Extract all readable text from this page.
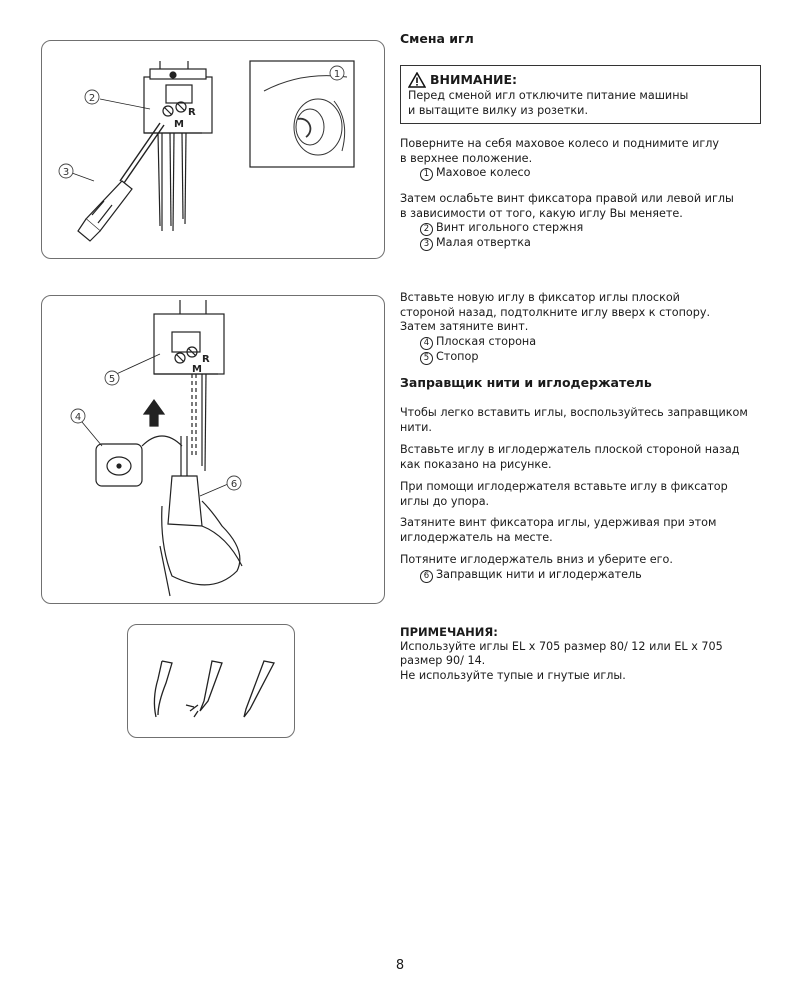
2
3
R
M
1
5
4
6
R
M

Смена игл

ВНИМАНИЕ:

Перед сменой игл отключите питание машины

и вытащите вилку из розетки.

Поверните на себя маховое колесо и поднимите иглу

в верхнее положение.

1 Маховое колесо

Затем ослабьте винт фиксатора правой или левой иглы

в зависимости от того, какую иглу Вы меняете.

2 Винт игольного стержня

3 Малая отвертка

Вставьте новую иглу в фиксатор иглы плоской

стороной назад, подтолкните иглу вверх к стопору.

Затем затяните винт.

4 Плоская сторона

5 Стопор

Заправщик нити и иглодержатель

Чтобы легко вставить иглы, воспользуйтесь заправщиком

нити.

Вставьте иглу в иглодержатель плоской стороной назад

как показано на рисунке.

При помощи иглодержателя вставьте иглу в фиксатор

иглы до упора.

Затяните винт фиксатора иглы, удерживая при этом

иглодержатель на месте.

Потяните иглодержатель вниз и уберите его.

6 Заправщик нити и иглодержатель

ПРИМЕЧАНИЯ:

Используйте иглы EL x 705 размер 80/ 12 или EL x 705

размер 90/ 14.

Не используйте тупые и гнутые иглы.

8
